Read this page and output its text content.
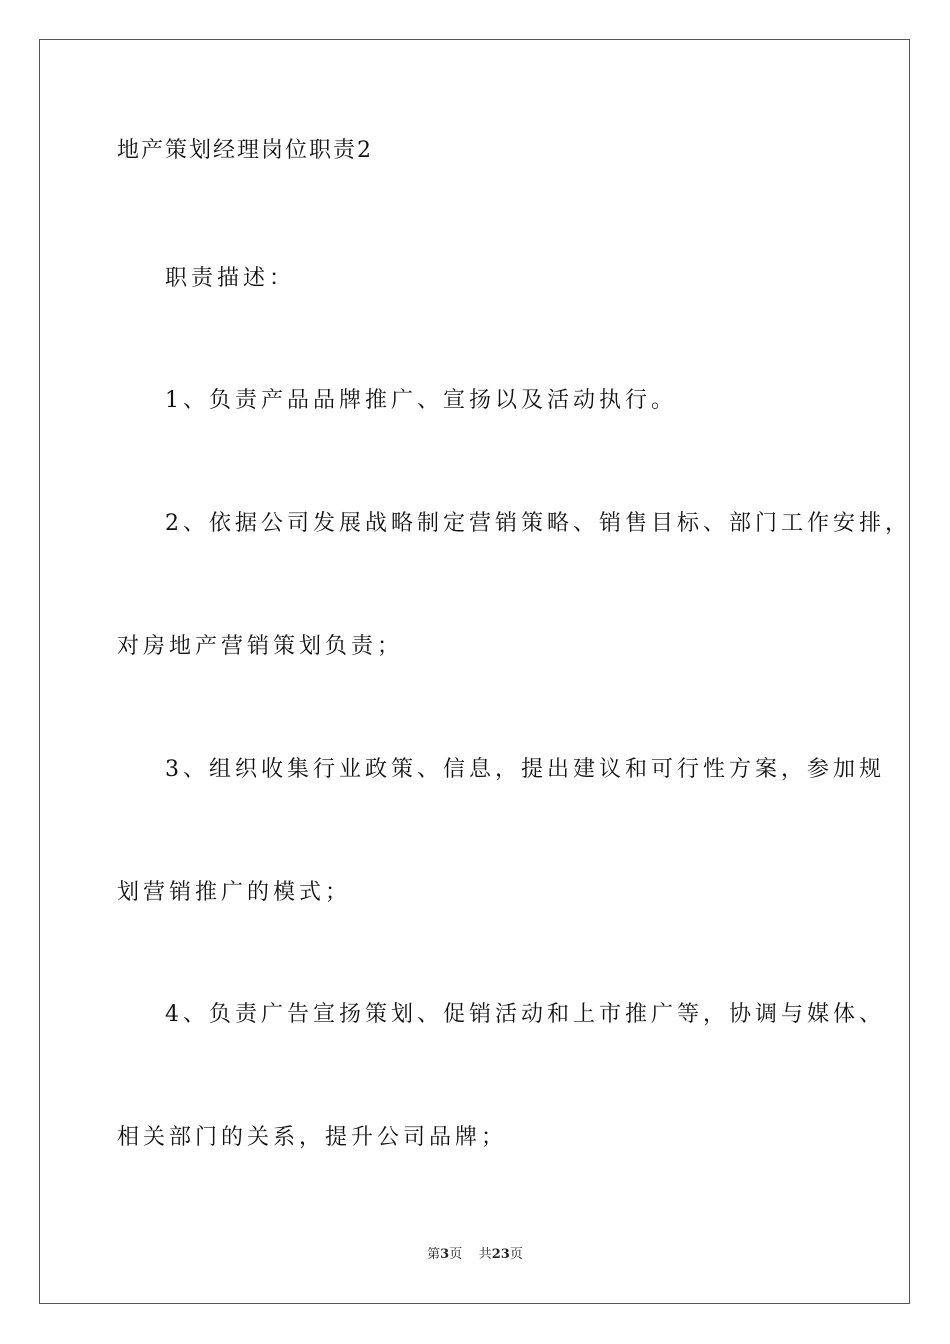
地产策划经理岗位职责2
职责描述：
1、负责产品品牌推广、宣扬以及活动执行。
2、依据公司发展战略制定营销策略、销售目标、部门工作安排，
对房地产营销策划负责；
3、组织收集行业政策、信息，提出建议和可行性方案，参加规
划营销推广的模式；
4、负责广告宣扬策划、促销活动和上市推广等，协调与媒体、
相关部门的关系，提升公司品牌；
第3页 共23页
